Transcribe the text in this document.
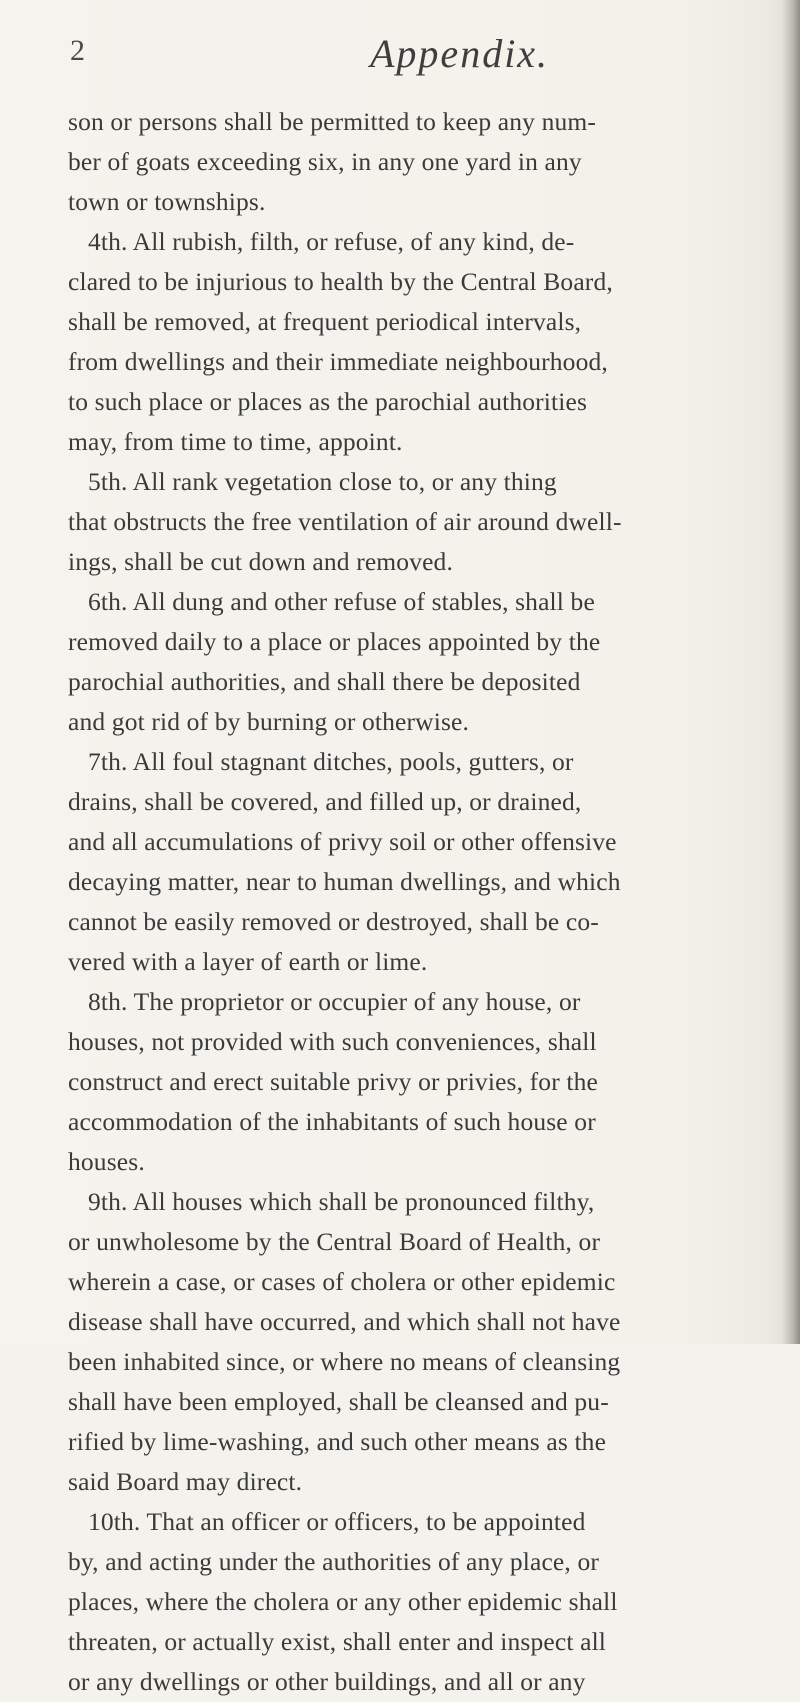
2	Appendix.
son or persons shall be permitted to keep any num-
ber of goats exceeding six, in any one yard in any
town or townships.
4th. All rubish, filth, or refuse, of any kind, de-
clared to be injurious to health by the Central Board,
shall be removed, at frequent periodical intervals,
from dwellings and their immediate neighbourhood,
to such place or places as the parochial authorities
may, from time to time, appoint.
5th. All rank vegetation close to, or any thing
that obstructs the free ventilation of air around dwell-
ings, shall be cut down and removed.
6th. All dung and other refuse of stables, shall be
removed daily to a place or places appointed by the
parochial authorities, and shall there be deposited
and got rid of by burning or otherwise.
7th. All foul stagnant ditches, pools, gutters, or
drains, shall be covered, and filled up, or drained,
and all accumulations of privy soil or other offensive
decaying matter, near to human dwellings, and which
cannot be easily removed or destroyed, shall be co-
vered with a layer of earth or lime.
8th. The proprietor or occupier of any house, or
houses, not provided with such conveniences, shall
construct and erect suitable privy or privies, for the
accommodation of the inhabitants of such house or
houses.
9th. All houses which shall be pronounced filthy,
or unwholesome by the Central Board of Health, or
wherein a case, or cases of cholera or other epidemic
disease shall have occurred, and which shall not have
been inhabited since, or where no means of cleansing
shall have been employed, shall be cleansed and pu-
rified by lime-washing, and such other means as the
said Board may direct.
10th. That an officer or officers, to be appointed
by, and acting under the authorities of any place, or
places, where the cholera or any other epidemic shall
threaten, or actually exist, shall enter and inspect all
or any dwellings or other buildings, and all or any
